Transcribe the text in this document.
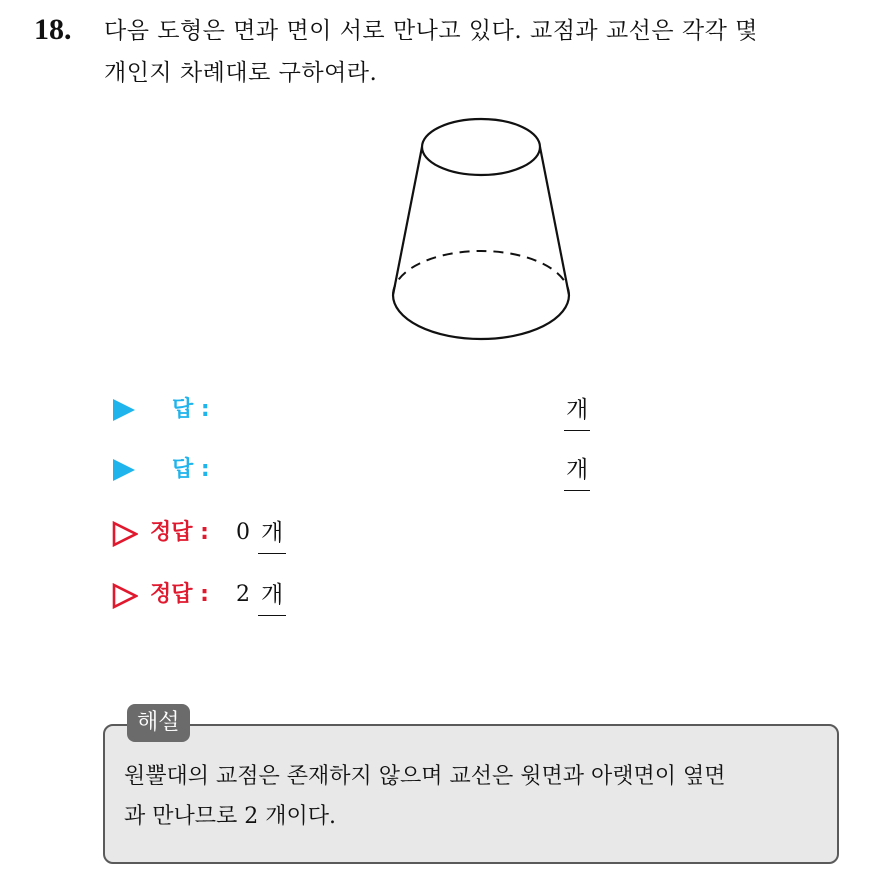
18. 다음 도형은 면과 면이 서로 만나고 있다. 교점과 교선은 각각 몇
개인지 차례대로 구하여라.
답 :	개
답 :	개
정답 : 0 개
정답 : 2 개
해설
원뿔대의 교점은 존재하지 않으며 교선은 윗면과 아랫면이 옆면
과 만나므로 2 개이다.
